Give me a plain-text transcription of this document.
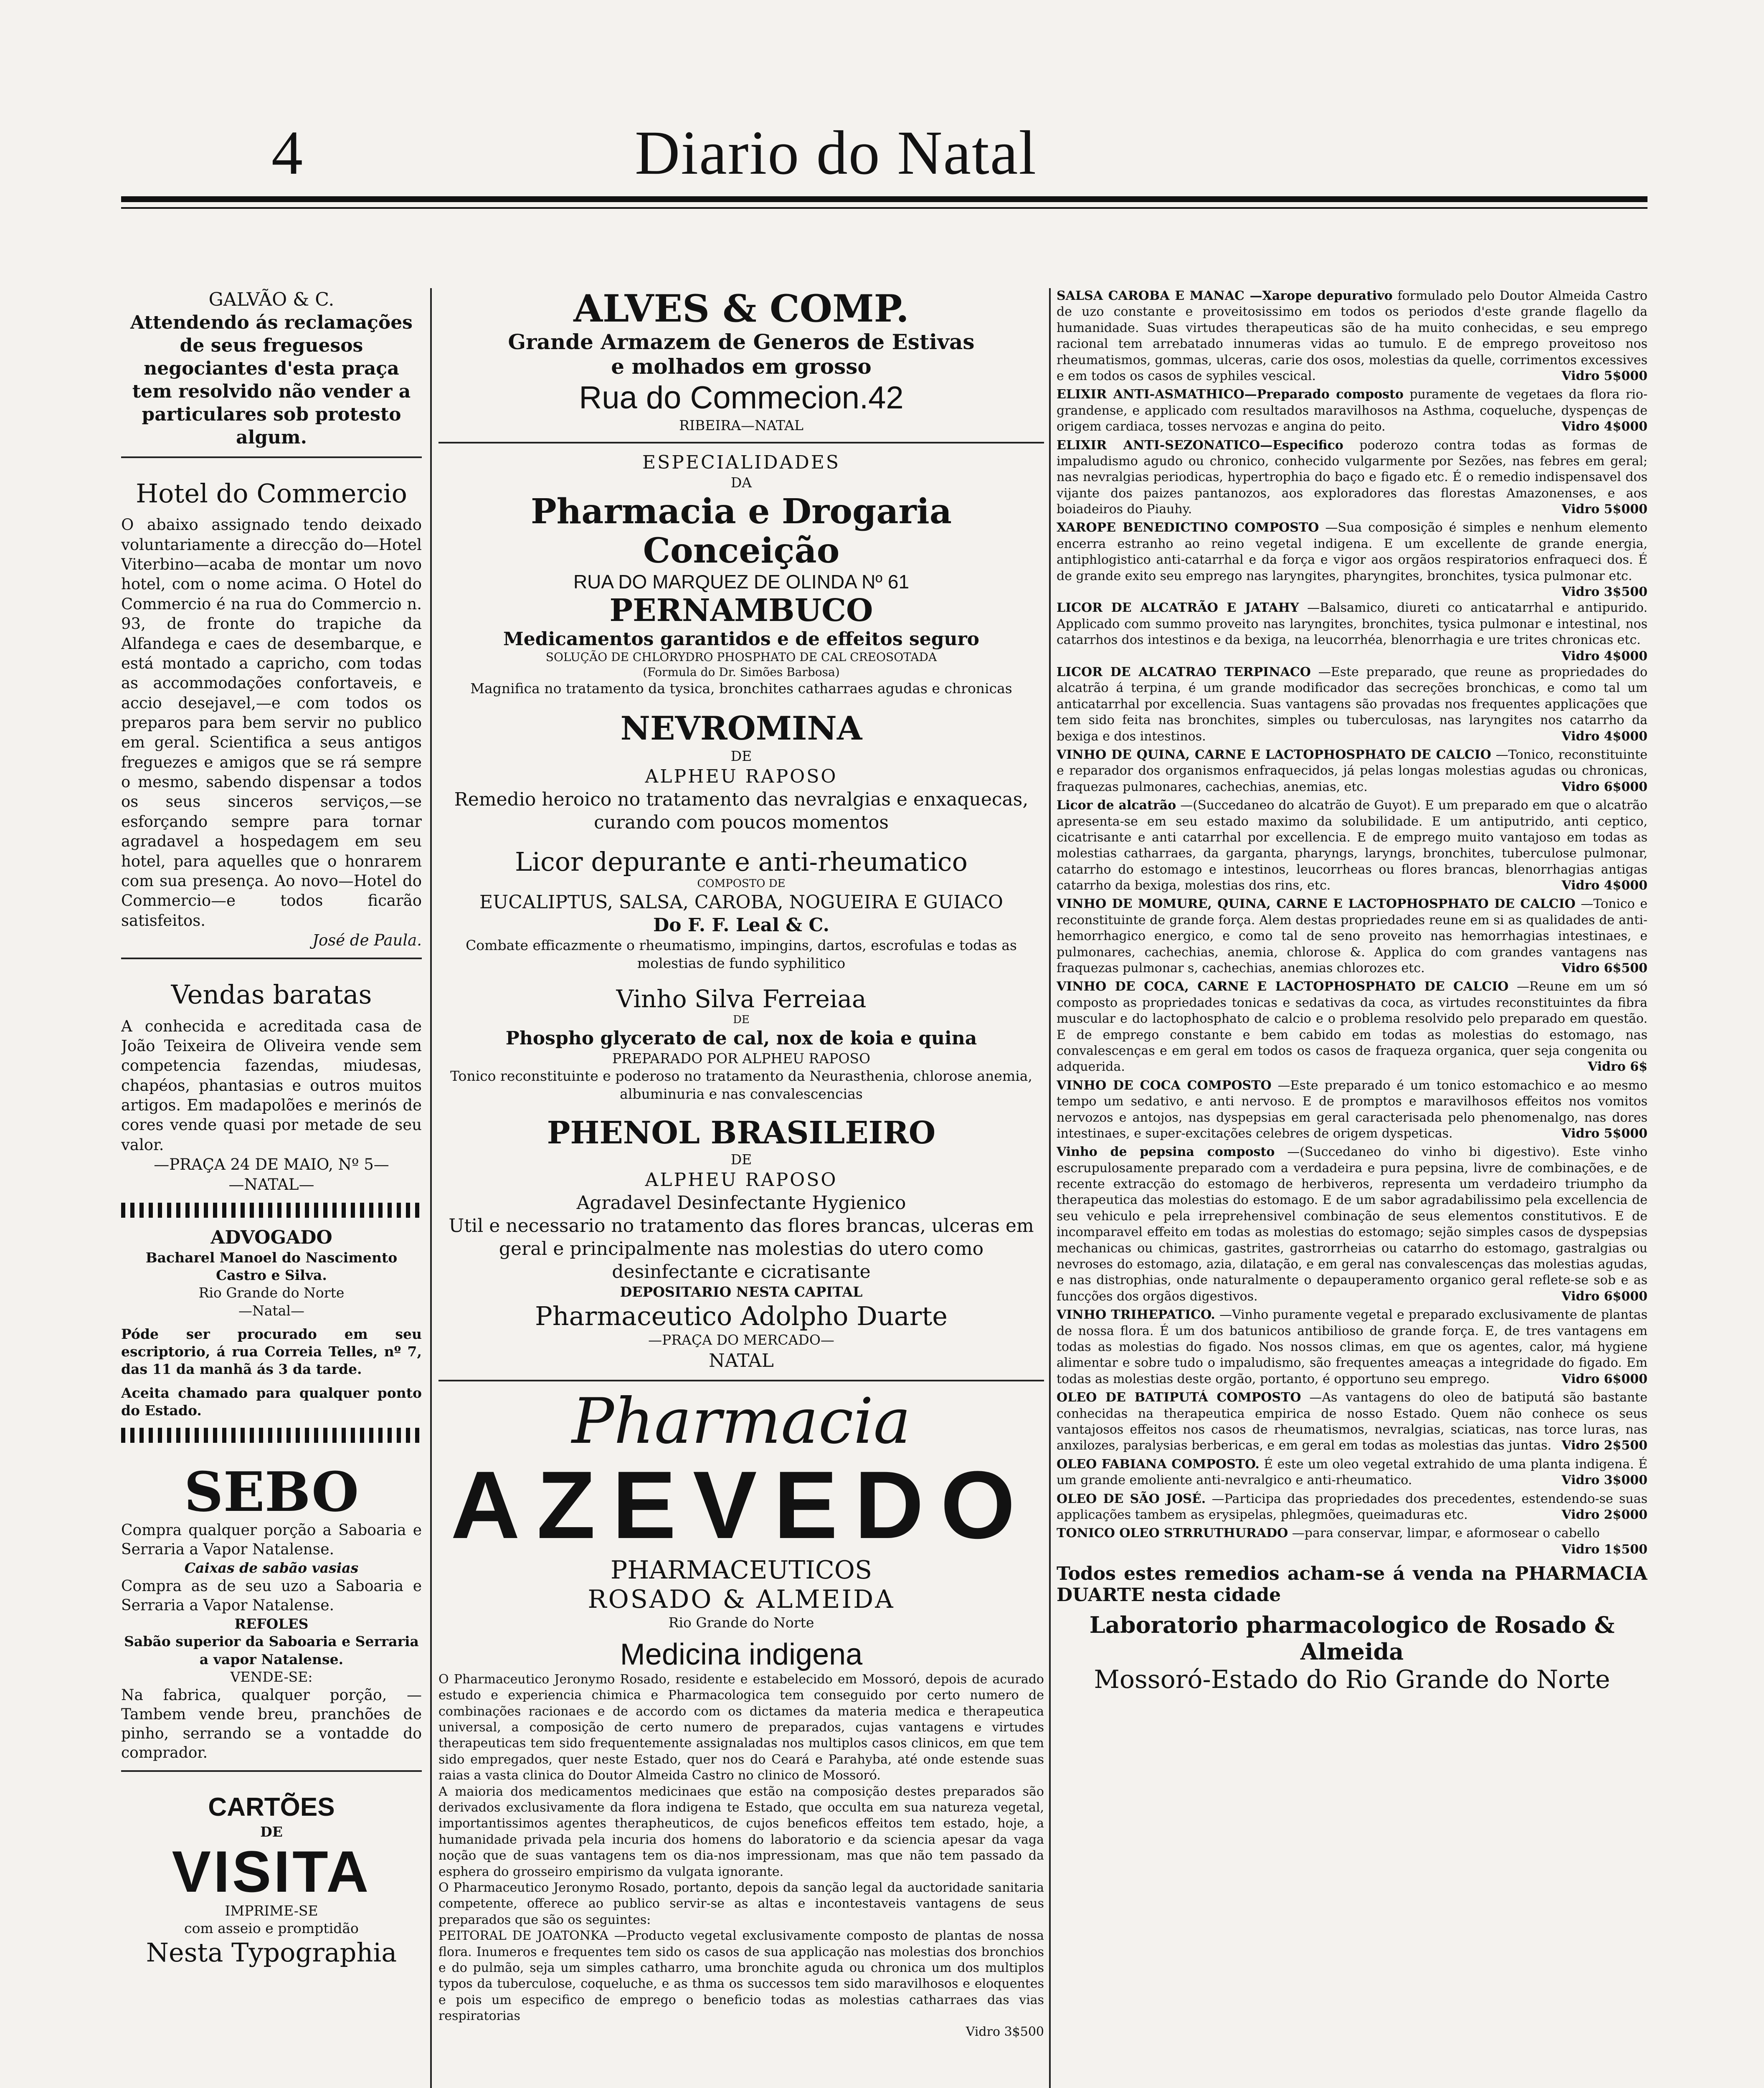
4	Diario do Natal

GALVÃO & C.

Attendendo ás reclamações de seus freguesos negociantes d'esta praça tem resolvido não vender a particulares sob protesto algum.

Hotel do Commercio

O abaixo assignado tendo deixado voluntariamente a direcção do—Hotel Viterbino—acaba de montar um novo hotel, com o nome acima. O Hotel do Commercio é na rua do Commercio n. 93, de fronte do trapiche da Alfandega e caes de desembarque, e está montado a capricho, com todas as accommodações confortaveis, e accio desejavel,—e com todos os preparos para bem servir no publico em geral. Scientifica a seus antigos freguezes e amigos que se rá sempre o mesmo, sabendo dispensar a todos os seus sinceros serviços,—se esforçando sempre para tornar agradavel a hospedagem em seu hotel, para aquelles que o honrarem com sua presença. Ao novo—Hotel do Commercio—e todos ficarão satisfeitos.

José de Paula.

Vendas baratas

A conhecida e acreditada casa de João Teixeira de Oliveira vende sem competencia fazendas, miudesas, chapéos, phantasias e outros muitos artigos. Em madapolões e merinós de cores vende quasi por metade de seu valor.

—PRAÇA 24 DE MAIO, Nº 5—

—NATAL—

ADVOGADO

Bacharel Manoel do Nascimento Castro e Silva.

Rio Grande do Norte

—Natal—

Póde ser procurado em seu escriptorio, á rua Correia Telles, nº 7, das 11 da manhã ás 3 da tarde.

Aceita chamado para qualquer ponto do Estado.

SEBO

Compra qualquer porção a Saboaria e Serraria a Vapor Natalense.

Caixas de sabão vasias

Compra as de seu uzo a Saboaria e Serraria a Vapor Natalense.

REFOLES

Sabão superior da Saboaria e Serraria a vapor Natalense.

VENDE-SE:

Na fabrica, qualquer porção, —Tambem vende breu, pranchões de pinho, serrando se a vontadde do comprador.

CARTÕES

DE

VISITA

IMPRIME-SE

com asseio e promptidão

Nesta Typographia

ALVES & COMP.

Grande Armazem de Generos de Estivas

e molhados em grosso

Rua do Commecion.42

RIBEIRA—NATAL

ESPECIALIDADES

DA

Pharmacia e Drogaria Conceição

RUA DO MARQUEZ DE OLINDA Nº 61

PERNAMBUCO

Medicamentos garantidos e de effeitos seguro

SOLUÇÃO DE CHLORYDRO PHOSPHATO DE CAL CREOSOTADA

(Formula do Dr. Simões Barbosa)

Magnifica no tratamento da tysica, bronchites catharraes agudas e chronicas

NEVROMINA

DE

ALPHEU RAPOSO

Remedio heroico no tratamento das nevralgias e enxaquecas, curando com poucos momentos

Licor depurante e anti-rheumatico

COMPOSTO DE

EUCALIPTUS, SALSA, CAROBA, NOGUEIRA E GUIACO

Do F. F. Leal & C.

Combate efficazmente o rheumatismo, impingins, dartos, escrofulas e todas as molestias de fundo syphilitico

Vinho Silva Ferreiaa

DE

Phospho glycerato de cal, nox de koia e quina

PREPARADO POR ALPHEU RAPOSO

Tonico reconstituinte e poderoso no tratamento da Neurasthenia, chlorose anemia, albuminuria e nas convalescencias

PHENOL BRASILEIRO

DE

ALPHEU RAPOSO

Agradavel Desinfectante Hygienico

Util e necessario no tratamento das flores brancas, ulceras em geral e principalmente nas molestias do utero como desinfectante e cicratisante

DEPOSITARIO NESTA CAPITAL

Pharmaceutico Adolpho Duarte

—PRAÇA DO MERCADO—

NATAL

Pharmacia

AZEVEDO

PHARMACEUTICOS

ROSADO & ALMEIDA

Rio Grande do Norte

Medicina indigena

O Pharmaceutico Jeronymo Rosado, residente e estabelecido em Mossoró, depois de acurado estudo e experiencia chimica e Pharmacologica tem conseguido por certo numero de combinações racionaes e de accordo com os dictames da materia medica e therapeutica universal, a composição de certo numero de preparados, cujas vantagens e virtudes therapeuticas tem sido frequentemente assignaladas nos multiplos casos clinicos, em que tem sido empregados, quer neste Estado, quer nos do Ceará e Parahyba, até onde estende suas raias a vasta clinica do Doutor Almeida Castro no clinico de Mossoró.

A maioria dos medicamentos medicinaes que estão na composição destes preparados são derivados exclusivamente da flora indigena te Estado, que occulta em sua natureza vegetal, importantissimos agentes therapheuticos, de cujos beneficos effeitos tem estado, hoje, a humanidade privada pela incuria dos homens do laboratorio e da sciencia apesar da vaga noção que de suas vantagens tem os dia-nos impressionam, mas que não tem passado da esphera do grosseiro empirismo da vulgata ignorante.

O Pharmaceutico Jeronymo Rosado, portanto, depois da sanção legal da auctoridade sanitaria competente, offerece ao publico servir-se as altas e incontestaveis vantagens de seus preparados que são os seguintes:

PEITORAL DE JOATONKA —Producto vegetal exclusivamente composto de plantas de nossa flora. Inumeros e frequentes tem sido os casos de sua applicação nas molestias dos bronchios e do pulmão, seja um simples catharro, uma bronchite aguda ou chronica um dos multiplos typos da tuberculose, coqueluche, e as thma os successos tem sido maravilhosos e eloquentes e pois um especifico de emprego o beneficio todas as molestias catharraes das vias respiratorias

Vidro 3$500

SALSA CAROBA E MANAC —Xarope depurativo formulado pelo Doutor Almeida Castro de uzo constante e proveitosissimo em todos os periodos d'este grande flagello da humanidade. Suas virtudes therapeuticas são de ha muito conhecidas, e seu emprego racional tem arrebatado innumeras vidas ao tumulo. E de emprego proveitoso nos rheumatismos, gommas, ulceras, carie dos osos, molestias da quelle, corrimentos excessives e em todos os casos de syphiles vescical.	Vidro 5$000

ELIXIR ANTI-ASMATHICO—Preparado composto puramente de vegetaes da flora rio-grandense, e applicado com resultados maravilhosos na Asthma, coqueluche, dyspenças de origem cardiaca, tosses nervozas e angina do peito.	Vidro 4$000

ELIXIR ANTI-SEZONATICO—Especifico poderozo contra todas as formas de impaludismo agudo ou chronico, conhecido vulgarmente por Sezões, nas febres em geral; nas nevralgias periodicas, hypertrophia do baço e figado etc. É o remedio indispensavel dos vijante dos paizes pantanozos, aos exploradores das florestas Amazonenses, e aos boiadeiros do Piauhy.	Vidro 5$000

XAROPE BENEDICTINO COMPOSTO —Sua composição é simples e nenhum elemento encerra estranho ao reino vegetal indigena. E um excellente de grande energia, antiphlogistico anti-catarrhal e da força e vigor aos orgãos respiratorios enfraqueci dos. É de grande exito seu emprego nas laryngites, pharyngites, bronchites, tysica pulmonar etc.
Vidro 3$500

LICOR DE ALCATRÃO E JATAHY —Balsamico, diureti co anticatarrhal e antipurido. Applicado com summo proveito nas laryngites, bronchites, tysica pulmonar e intestinal, nos catarrhos dos intestinos e da bexiga, na leucorrhéa, blenorrhagia e ure trites chronicas etc.
Vidro 4$000

LICOR DE ALCATRAO TERPINACO —Este preparado, que reune as propriedades do alcatrão á terpina, é um grande modificador das secreções bronchicas, e como tal um anticatarrhal por excellencia. Suas vantagens são provadas nos frequentes applicações que tem sido feita nas bronchites, simples ou tuberculosas, nas laryngites nos catarrho da bexiga e dos intestinos.	Vidro 4$000

VINHO DE QUINA, CARNE E LACTOPHOSPHATO DE CALCIO —Tonico, reconstituinte e reparador dos organismos enfraquecidos, já pelas longas molestias agudas ou chronicas, fraquezas pulmonares, cachechias, anemias, etc.	Vidro 6$000

Licor de alcatrão —(Succedaneo do alcatrão de Guyot). E um preparado em que o alcatrão apresenta-se em seu estado maximo da solubilidade. E um antiputrido, anti ceptico, cicatrisante e anti catarrhal por excellencia. E de emprego muito vantajoso em todas as molestias catharraes, da garganta, pharyngs, laryngs, bronchites, tuberculose pulmonar, catarrho do estomago e intestinos, leucorrheas ou flores brancas, blenorrhagias antigas catarrho da bexiga, molestias dos rins, etc.	Vidro 4$000

VINHO DE MOMURE, QUINA, CARNE E LACTOPHOSPHATO DE CALCIO —Tonico e reconstituinte de grande força. Alem destas propriedades reune em si as qualidades de anti-hemorrhagico energico, e como tal de seno proveito nas hemorrhagias intestinaes, e pulmonares, cachechias, anemia, chlorose &. Applica do com grandes vantagens nas fraquezas pulmonar s, cachechias, anemias chlorozes etc.	Vidro 6$500

VINHO DE COCA, CARNE E LACTOPHOSPHATO DE CALCIO —Reune em um só composto as propriedades tonicas e sedativas da coca, as virtudes reconstituintes da fibra muscular e do lactophosphato de calcio e o problema resolvido pelo preparado em questão. E de emprego constante e bem cabido em todas as molestias do estomago, nas convalescenças e em geral em todos os casos de fraqueza organica, quer seja congenita ou adquerida.	Vidro 6$

VINHO DE COCA COMPOSTO —Este preparado é um tonico estomachico e ao mesmo tempo um sedativo, e anti nervoso. E de promptos e maravilhosos effeitos nos vomitos nervozos e antojos, nas dyspepsias em geral caracterisada pelo phenomenalgo, nas dores intestinaes, e super-excitações celebres de origem dyspeticas.	Vidro 5$000

Vinho de pepsina composto —(Succedaneo do vinho bi digestivo). Este vinho escrupulosamente preparado com a verdadeira e pura pepsina, livre de combinações, e de recente extracção do estomago de herbiveros, representa um verdadeiro triumpho da therapeutica das molestias do estomago. E de um sabor agradabilissimo pela excellencia de seu vehiculo e pela irreprehensivel combinação de seus elementos constitutivos. E de incomparavel effeito em todas as molestias do estomago; sejão simples casos de dyspepsias mechanicas ou chimicas, gastrites, gastrorrheias ou catarrho do estomago, gastralgias ou nevroses do estomago, azia, dilatação, e em geral nas convalescenças das molestias agudas, e nas distrophias, onde naturalmente o depauperamento organico geral reflete-se sob e as funcções dos orgãos digestivos.	Vidro 6$000

VINHO TRIHEPATICO. —Vinho puramente vegetal e preparado exclusivamente de plantas de nossa flora. É um dos batunicos antibilioso de grande força. E, de tres vantagens em todas as molestias do figado. Nos nossos climas, em que os agentes, calor, má hygiene alimentar e sobre tudo o impaludismo, são frequentes ameaças a integridade do figado. Em todas as molestias deste orgão, portanto, é opportuno seu emprego.	Vidro 6$000

OLEO DE BATIPUTÁ COMPOSTO —As vantagens do oleo de batiputá são bastante conhecidas na therapeutica empirica de nosso Estado. Quem não conhece os seus vantajosos effeitos nos casos de rheumatismos, nevralgias, sciaticas, nas torce luras, nas anxilozes, paralysias berbericas, e em geral em todas as molestias das juntas. Vidro 2$500

OLEO FABIANA COMPOSTO. É este um oleo vegetal extrahido de uma planta indigena. É um grande emoliente anti-nevralgico e anti-rheumatico.	Vidro 3$000

OLEO DE SÃO JOSÉ. —Participa das propriedades dos precedentes, estendendo-se suas applicações tambem as erysipelas, phlegmões, queimaduras etc.	Vidro 2$000

TONICO OLEO STRRUTHURADO —para conservar, limpar, e aformosear o cabello
Vidro 1$500

Todos estes remedios acham-se á venda na PHARMACIA DUARTE nesta cidade

Laboratorio pharmacologico de Rosado & Almeida

Mossoró-Estado do Rio Grande do Norte
